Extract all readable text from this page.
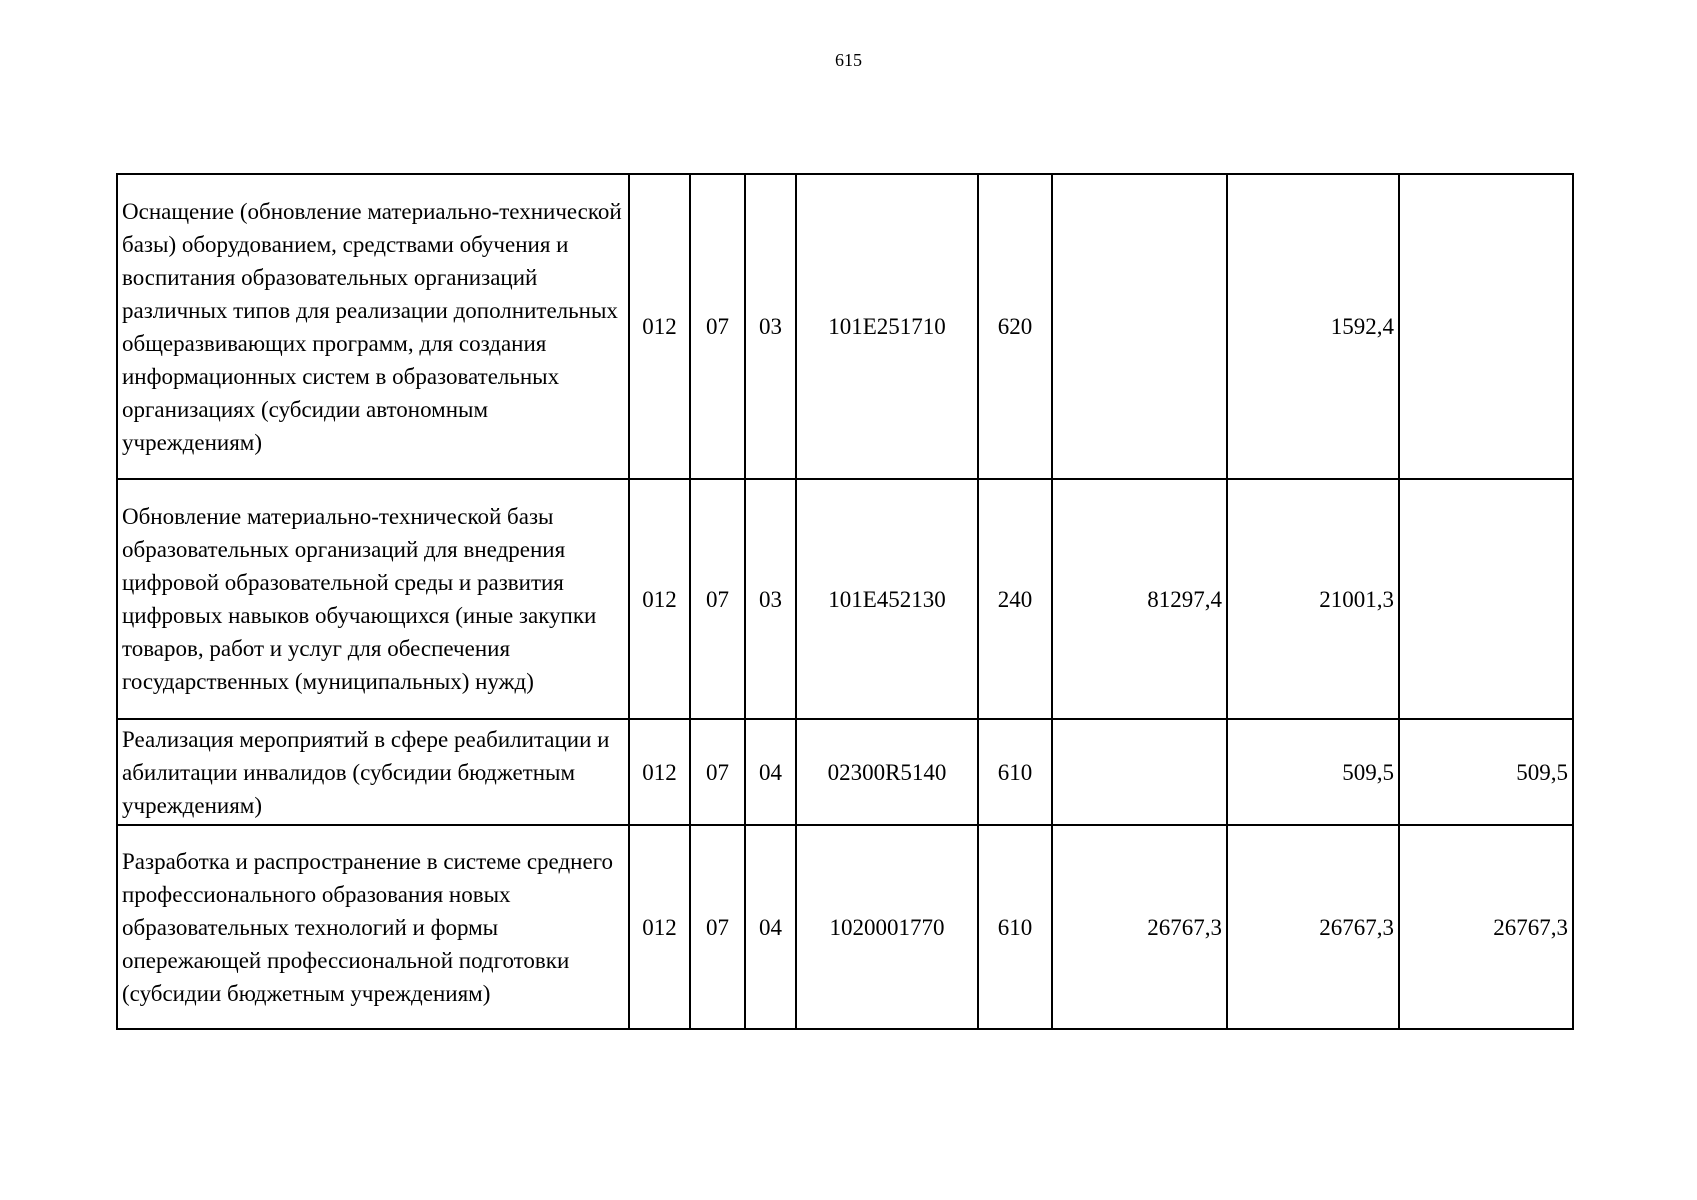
615
Оснащение (обновление материально-технической базы) оборудованием, средствами обучения и воспитания образовательных организаций различных типов для реализации дополнительных общеразвивающих программ, для создания информационных систем в образовательных организациях (субсидии автономным учреждениям)	012	07	03	101E251710	620		1592,4	
Обновление материально-технической базы образовательных организаций для внедрения цифровой образовательной среды и развития цифровых навыков обучающихся (иные закупки товаров, работ и услуг для обеспечения государственных (муниципальных) нужд)	012	07	03	101E452130	240	81297,4	21001,3	
Реализация мероприятий в сфере реабилитации и абилитации инвалидов (субсидии бюджетным учреждениям)	012	07	04	02300R5140	610		509,5	509,5
Разработка и распространение в системе среднего профессионального образования новых образовательных технологий и формы опережающей профессиональной подготовки (субсидии бюджетным учреждениям)	012	07	04	1020001770	610	26767,3	26767,3	26767,3
